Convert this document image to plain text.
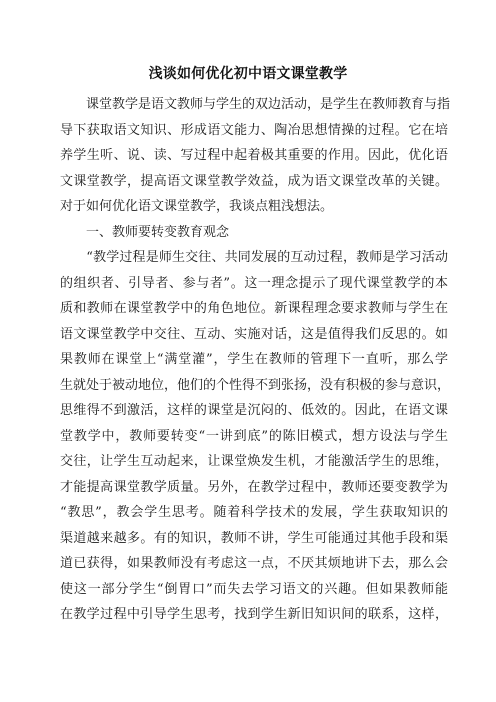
浅谈如何优化初中语文课堂教学
　　课堂教学是语文教师与学生的双边活动，是学生在教师教育与指
导下获取语文知识、形成语文能力、陶冶思想情操的过程。它在培
养学生听、说、读、写过程中起着极其重要的作用。因此，优化语
文课堂教学，提高语文课堂教学效益，成为语文课堂改革的关键。
对于如何优化语文课堂教学，我谈点粗浅想法。
　　一、教师要转变教育观念
　　“教学过程是师生交往、共同发展的互动过程，教师是学习活动
的组织者、引导者、参与者”。这一理念提示了现代课堂教学的本
质和教师在课堂教学中的角色地位。新课程理念要求教师与学生在
语文课堂教学中交往、互动、实施对话，这是值得我们反思的。如
果教师在课堂上“满堂灌”，学生在教师的管理下一直听，那么学
生就处于被动地位，他们的个性得不到张扬，没有积极的参与意识，
思维得不到激活，这样的课堂是沉闷的、低效的。因此，在语文课
堂教学中，教师要转变“一讲到底”的陈旧模式，想方设法与学生
交往，让学生互动起来，让课堂焕发生机，才能激活学生的思维，
才能提高课堂教学质量。另外，在教学过程中，教师还要变教学为
“教思”，教会学生思考。随着科学技术的发展，学生获取知识的
渠道越来越多。有的知识，教师不讲，学生可能通过其他手段和渠
道已获得，如果教师没有考虑这一点，不厌其烦地讲下去，那么会
使这一部分学生“倒胃口”而失去学习语文的兴趣。但如果教师能
在教学过程中引导学生思考，找到学生新旧知识间的联系，这样，
